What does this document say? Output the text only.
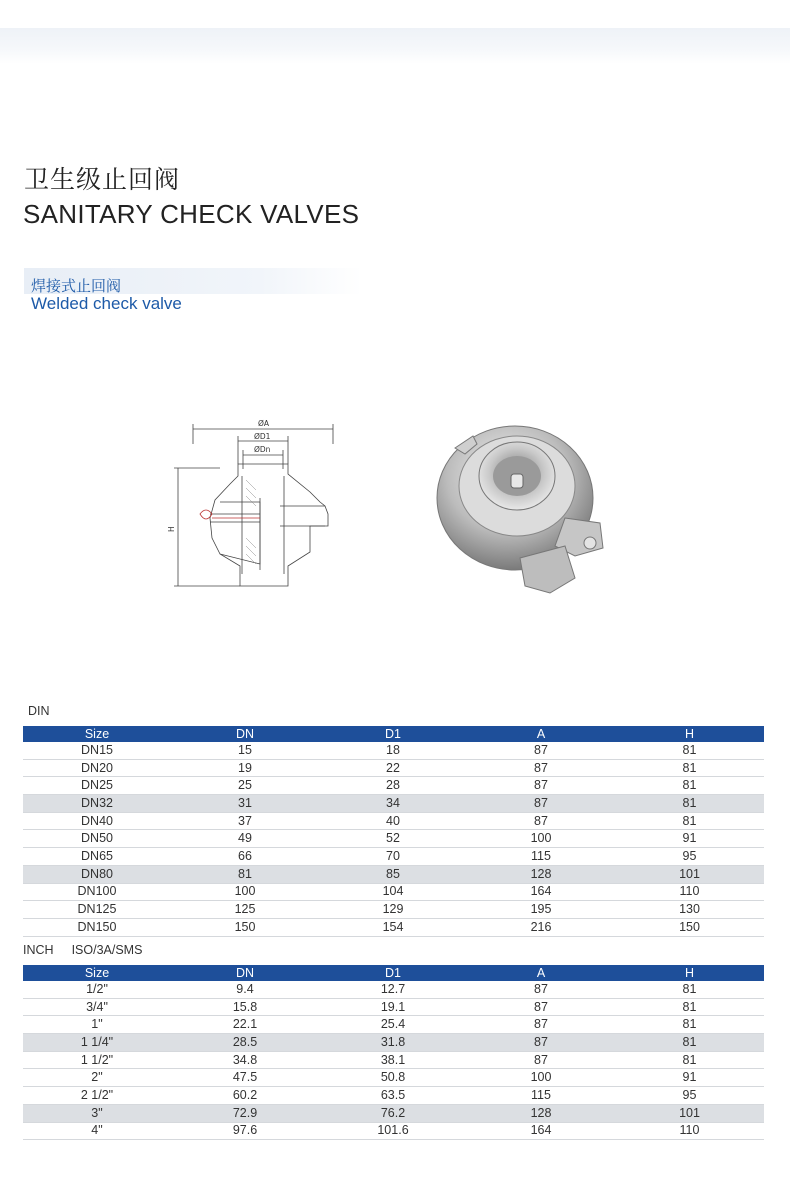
卫生级止回阀
SANITARY CHECK VALVES
焊接式止回阀
Welded check valve
ØA
ØD1
ØDn
H
DIN
Size	DN	D1	A	H
DN15	15	18	87	81
DN20	19	22	87	81
DN25	25	28	87	81
DN32	31	34	87	81
DN40	37	40	87	81
DN50	49	52	100	91
DN65	66	70	115	95
DN80	81	85	128	101
DN100	100	104	164	110
DN125	125	129	195	130
DN150	150	154	216	150
INCH ISO/3A/SMS
Size	DN	D1	A	H
1/2"	9.4	12.7	87	81
3/4"	15.8	19.1	87	81
1"	22.1	25.4	87	81
1 1/4"	28.5	31.8	87	81
1 1/2"	34.8	38.1	87	81
2"	47.5	50.8	100	91
2 1/2"	60.2	63.5	115	95
3"	72.9	76.2	128	101
4"	97.6	101.6	164	110
